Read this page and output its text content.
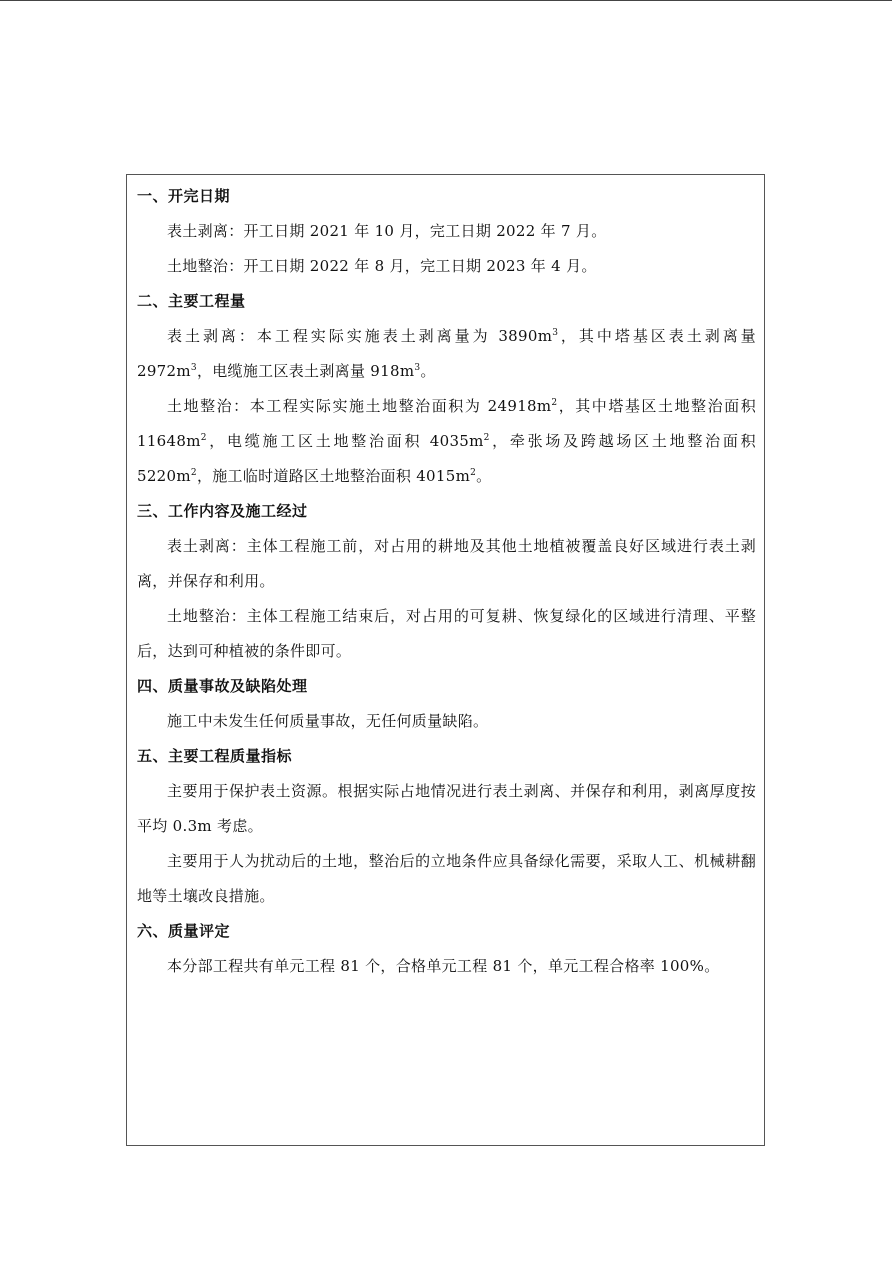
一、开完日期
表土剥离：开工日期 2021 年 10 月，完工日期 2022 年 7 月。
土地整治：开工日期 2022 年 8 月，完工日期 2023 年 4 月。
二、主要工程量
表土剥离：本工程实际实施表土剥离量为 $3890m^3$，其中塔基区表土剥离量 $2972m^3$，电缆施工区表土剥离量 $918m^3$。
土地整治：本工程实际实施土地整治面积为 $24918m^2$，其中塔基区土地整治面积 $11648m^2$，电缆施工区土地整治面积 $4035m^2$，牵张场及跨越场区土地整治面积 $5220m^2$，施工临时道路区土地整治面积 $4015m^2$。
三、工作内容及施工经过
表土剥离：主体工程施工前，对占用的耕地及其他土地植被覆盖良好区域进行表土剥离，并保存和利用。
土地整治：主体工程施工结束后，对占用的可复耕、恢复绿化的区域进行清理、平整后，达到可种植被的条件即可。
四、质量事故及缺陷处理
施工中未发生任何质量事故，无任何质量缺陷。
五、主要工程质量指标
主要用于保护表土资源。根据实际占地情况进行表土剥离、并保存和利用，剥离厚度按平均 0.3m 考虑。
主要用于人为扰动后的土地，整治后的立地条件应具备绿化需要，采取人工、机械耕翻地等土壤改良措施。
六、质量评定
本分部工程共有单元工程 81 个，合格单元工程 81 个，单元工程合格率 100%。
